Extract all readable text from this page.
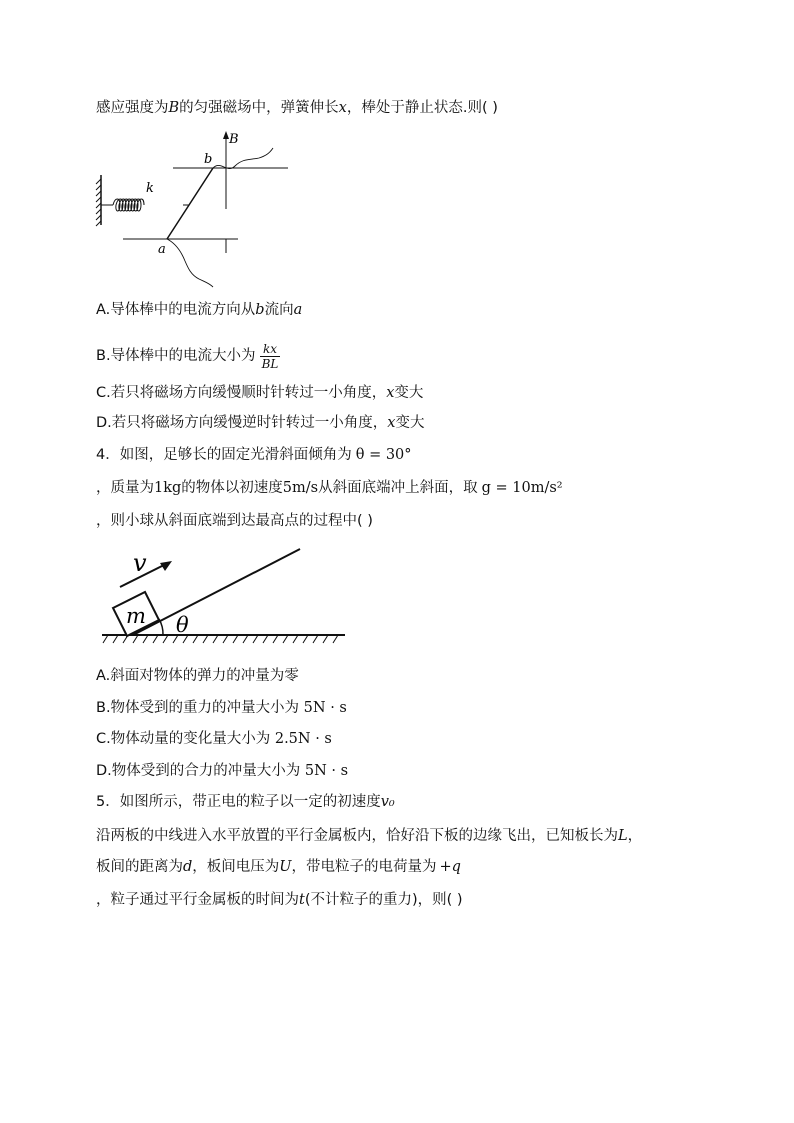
感应强度为B的匀强磁场中，弹簧伸长x，棒处于静止状态.则( )
B
b
k
a
A.导体棒中的电流方向从b流向a
B.导体棒中的电流大小为 $\frac{kx}{BL}$
C.若只将磁场方向缓慢顺时针转过一小角度，x变大
D.若只将磁场方向缓慢逆时针转过一小角度，x变大
4．如图，足够长的固定光滑斜面倾角为 θ = 30°
，质量为1kg的物体以初速度5m/s从斜面底端冲上斜面，取 g = 10m/s²
，则小球从斜面底端到达最高点的过程中( )
v
m θ
A.斜面对物体的弹力的冲量为零
B.物体受到的重力的冲量大小为 5N · s
C.物体动量的变化量大小为 2.5N · s
D.物体受到的合力的冲量大小为 5N · s
5．如图所示，带正电的粒子以一定的初速度v₀
沿两板的中线进入水平放置的平行金属板内，恰好沿下板的边缘飞出，已知板长为L，
板间的距离为d，板间电压为U，带电粒子的电荷量为 +q
，粒子通过平行金属板的时间为t(不计粒子的重力)，则( )
